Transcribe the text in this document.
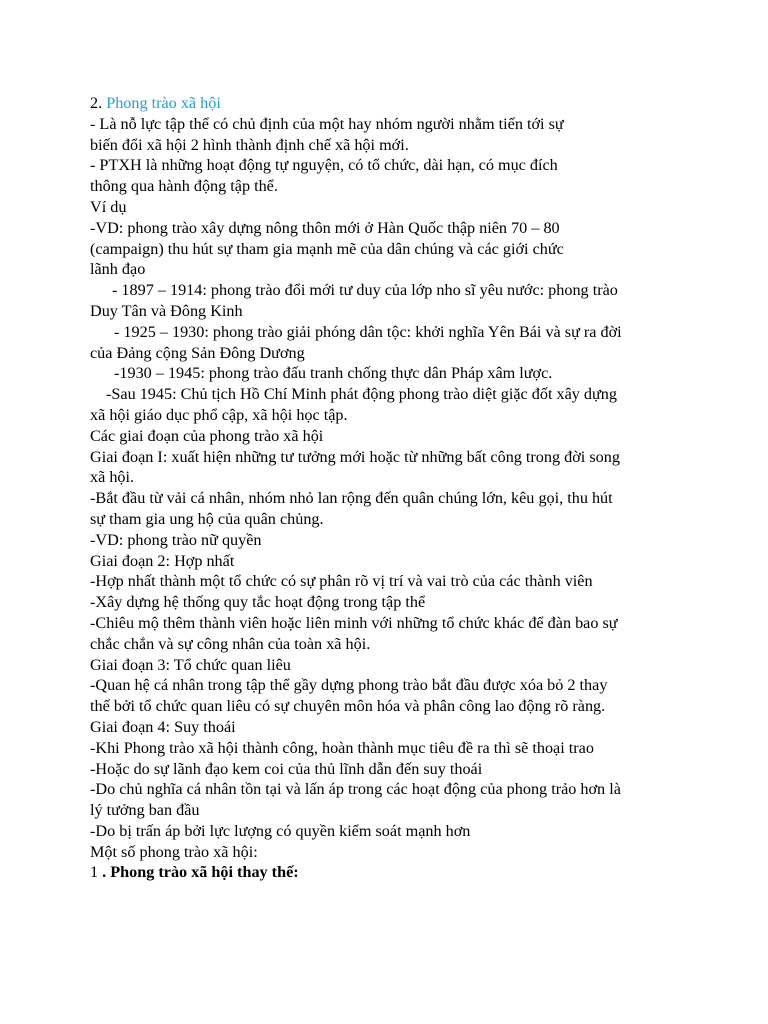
2. Phong trào xã hội
- Là nỗ lực tập thể có chủ định của một hay nhóm người nhằm tiến tới sự
biến đổi xã hội 2 hình thành định chế xã hội mới.
- PTXH là những hoạt động tự nguyện, có tổ chức, dài hạn, có mục đích
thông qua hành động tập thể.
Ví dụ
-VD: phong trào xây dựng nông thôn mới ở Hàn Quốc thập niên 70 – 80
(campaign) thu hút sự tham gia mạnh mẽ của dân chúng và các giới chức
lãnh đạo
- 1897 – 1914: phong trào đổi mới tư duy của lớp nho sĩ yêu nước: phong trào
Duy Tân và Đông Kinh
- 1925 – 1930: phong trào giải phóng dân tộc: khởi nghĩa Yên Bái và sự ra đời
của Đảng cộng Sản Đông Dương
-1930 – 1945: phong trào đấu tranh chống thực dân Pháp xâm lược.
-Sau 1945: Chủ tịch Hồ Chí Minh phát động phong trào diệt giặc đốt xây dựng
xã hội giáo dục phổ cập, xã hội học tập.
Các giai đoạn của phong trào xã hội
Giai đoạn I: xuất hiện những tư tưởng mới hoặc từ những bất công trong đời song
xã hội.
-Bắt đầu từ vải cá nhân, nhóm nhỏ lan rộng đến quân chúng lớn, kêu gọi, thu hút
sự tham gia ung hộ của quân chủng.
-VD: phong trào nữ quyền
Giai đoạn 2: Hợp nhất
-Hợp nhất thành một tổ chức có sự phân rõ vị trí và vai trò của các thành viên
-Xây dựng hệ thống quy tắc hoạt động trong tập thể
-Chiêu mộ thêm thành viên hoặc liên minh với những tổ chức khác để đàn bao sự
chắc chắn và sự công nhân của toàn xã hội.
Giai đoạn 3: Tổ chức quan liêu
-Quan hệ cá nhân trong tập thể gầy dựng phong trào bắt đầu được xóa bỏ 2 thay
thế bởi tổ chức quan liêu có sự chuyên môn hóa và phân công lao động rõ ràng.
Giai đoạn 4: Suy thoái
-Khi Phong trào xã hội thành công, hoàn thành mục tiêu đề ra thì sẽ thoại trao
-Hoặc do sự lãnh đạo kem coi của thủ lĩnh dẫn đến suy thoái
-Do chủ nghĩa cá nhân tồn tại và lấn áp trong các hoạt động của phong trảo hơn là
lý tưởng ban đầu
-Do bị trấn áp bởi lực lượng có quyền kiểm soát mạnh hơn
Một số phong trào xã hội:
1 . Phong trào xã hội thay thế:
